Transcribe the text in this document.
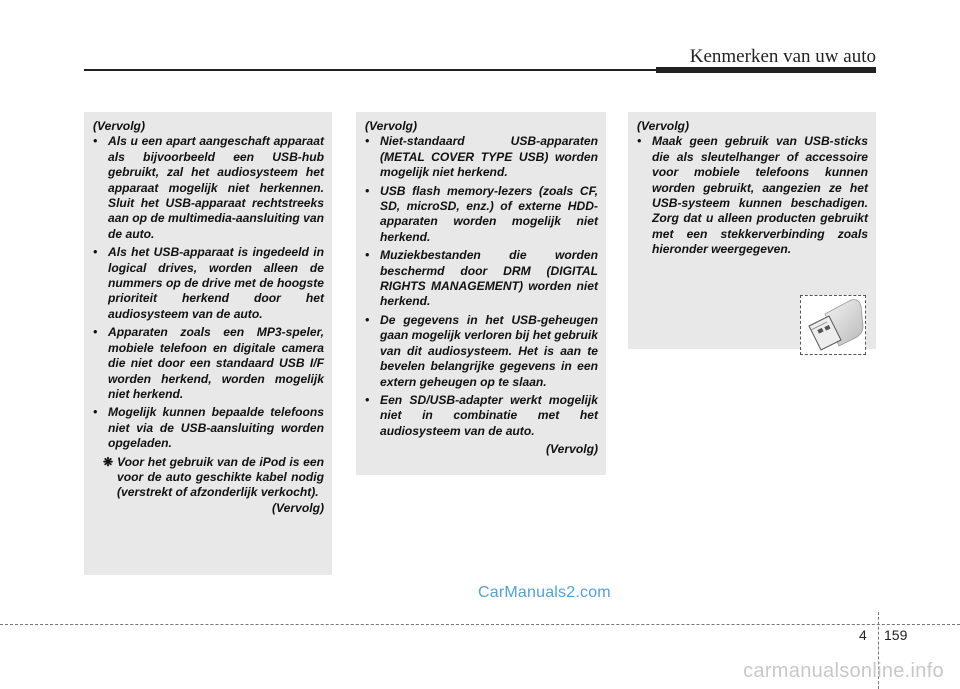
Kenmerken van uw auto

(Vervolg)

• Als u een apart aangeschaft apparaat als bijvoorbeeld een USB-hub gebruikt, zal het audiosysteem het apparaat mogelijk niet herkennen. Sluit het USB-apparaat rechtstreeks aan op de multimedia-aansluiting van de auto.
• Als het USB-apparaat is ingedeeld in logical drives, worden alleen de nummers op de drive met de hoogste prioriteit herkend door het audiosysteem van de auto.
• Apparaten zoals een MP3-speler, mobiele telefoon en digitale camera die niet door een standaard USB I/F worden herkend, worden mogelijk niet herkend.
• Mogelijk kunnen bepaalde telefoons niet via de USB-aansluiting worden opgeladen.
❋ Voor het gebruik van de iPod is een voor de auto geschikte kabel nodig (verstrekt of afzonderlijk verkocht).

(Vervolg)

(Vervolg)

• Niet-standaard USB-apparaten (METAL COVER TYPE USB) worden mogelijk niet herkend.
• USB flash memory-lezers (zoals CF, SD, microSD, enz.) of externe HDD-apparaten worden mogelijk niet herkend.
• Muziekbestanden die worden beschermd door DRM (DIGITAL RIGHTS MANAGEMENT) worden niet herkend.
• De gegevens in het USB-geheugen gaan mogelijk verloren bij het gebruik van dit audiosysteem. Het is aan te bevelen belangrijke gegevens in een extern geheugen op te slaan.
• Een SD/USB-adapter werkt mogelijk niet in combinatie met het audiosysteem van de auto.

(Vervolg)

(Vervolg)

• Maak geen gebruik van USB-sticks die als sleutelhanger of accessoire voor mobiele telefoons kunnen worden gebruikt, aangezien ze het USB-systeem kunnen beschadigen. Zorg dat u alleen producten gebruikt met een stekkerverbinding zoals hieronder weergegeven.
CarManuals2.com
4 159
carmanualsonline.info
